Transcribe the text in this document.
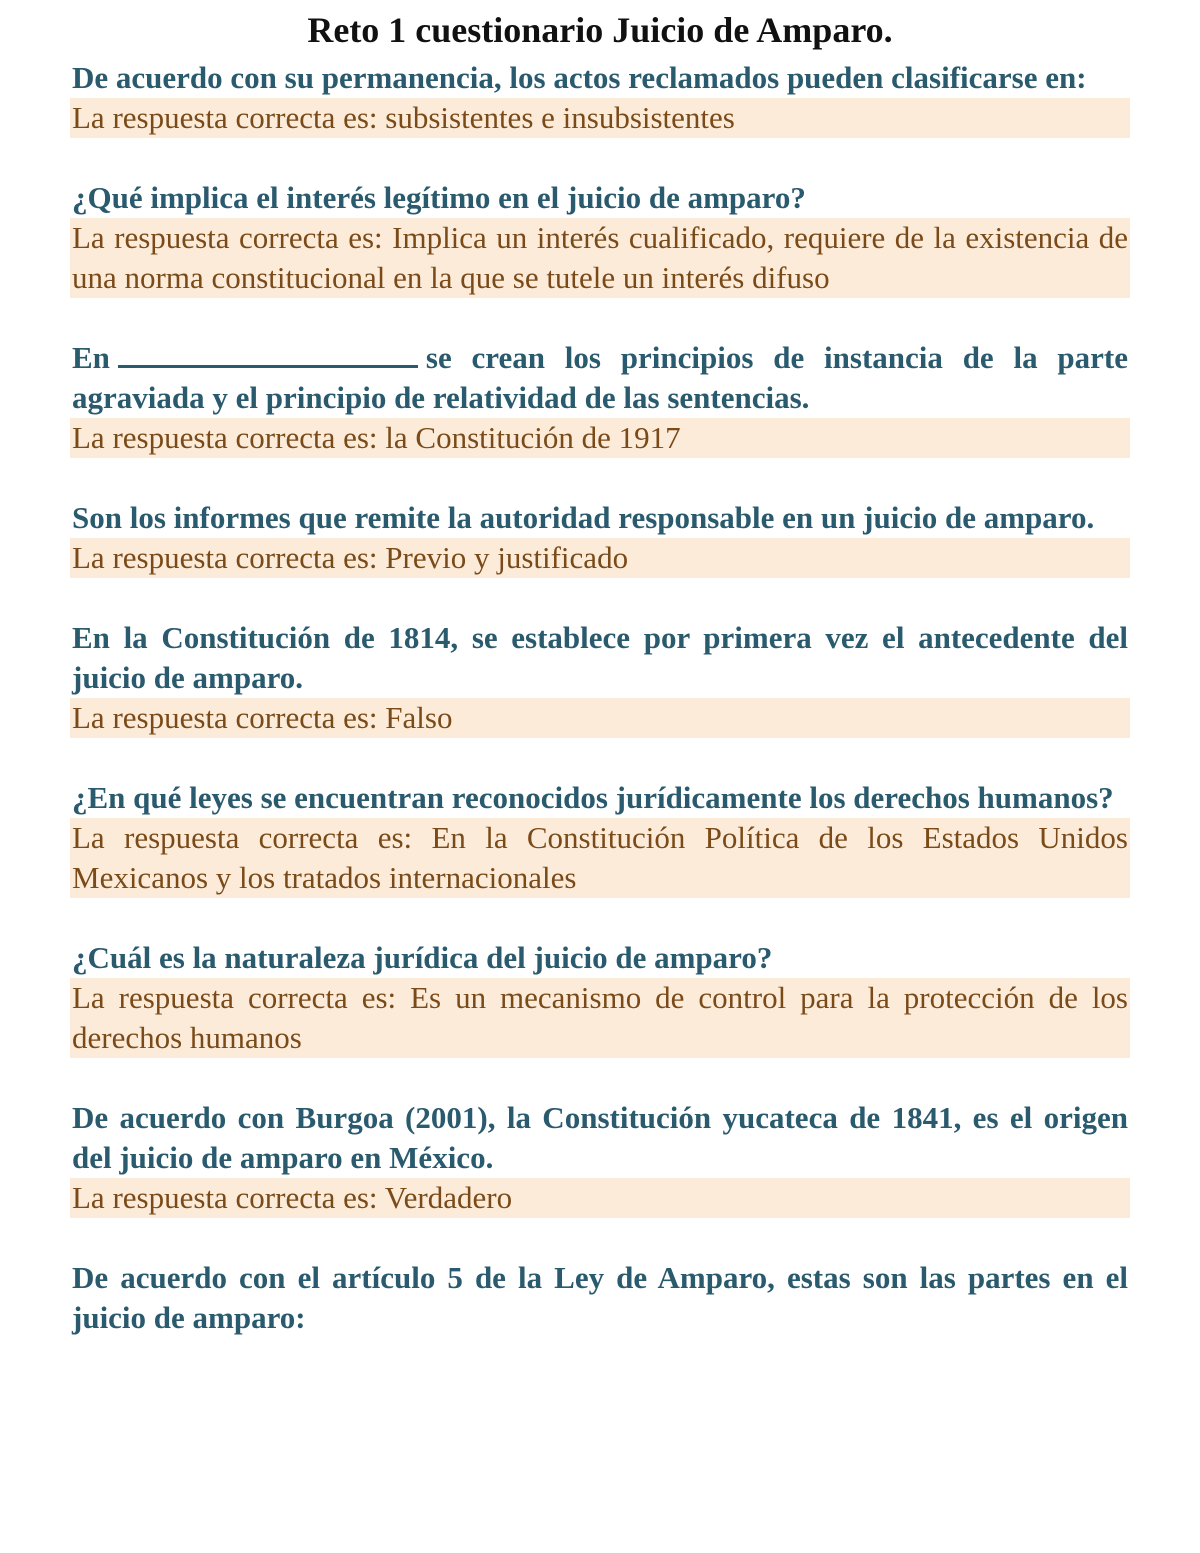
Reto 1 cuestionario Juicio de Amparo.

De acuerdo con su permanencia, los actos reclamados pueden clasificarse en:

La respuesta correcta es: subsistentes e insubsistentes

¿Qué implica el interés legítimo en el juicio de amparo?

La respuesta correcta es: Implica un interés cualificado, requiere de la existencia de una norma constitucional en la que se tutele un interés difuso

En	se crean los principios de instancia de la parte agraviada y el principio de relatividad de las sentencias.

La respuesta correcta es: la Constitución de 1917

Son los informes que remite la autoridad responsable en un juicio de amparo.

La respuesta correcta es: Previo y justificado

En la Constitución de 1814, se establece por primera vez el antecedente del juicio de amparo.

La respuesta correcta es: Falso

¿En qué leyes se encuentran reconocidos jurídicamente los derechos humanos?

La respuesta correcta es: En la Constitución Política de los Estados Unidos Mexicanos y los tratados internacionales

¿Cuál es la naturaleza jurídica del juicio de amparo?

La respuesta correcta es: Es un mecanismo de control para la protección de los derechos humanos

De acuerdo con Burgoa (2001), la Constitución yucateca de 1841, es el origen del juicio de amparo en México.

La respuesta correcta es: Verdadero

De acuerdo con el artículo 5 de la Ley de Amparo, estas son las partes en el juicio de amparo:
